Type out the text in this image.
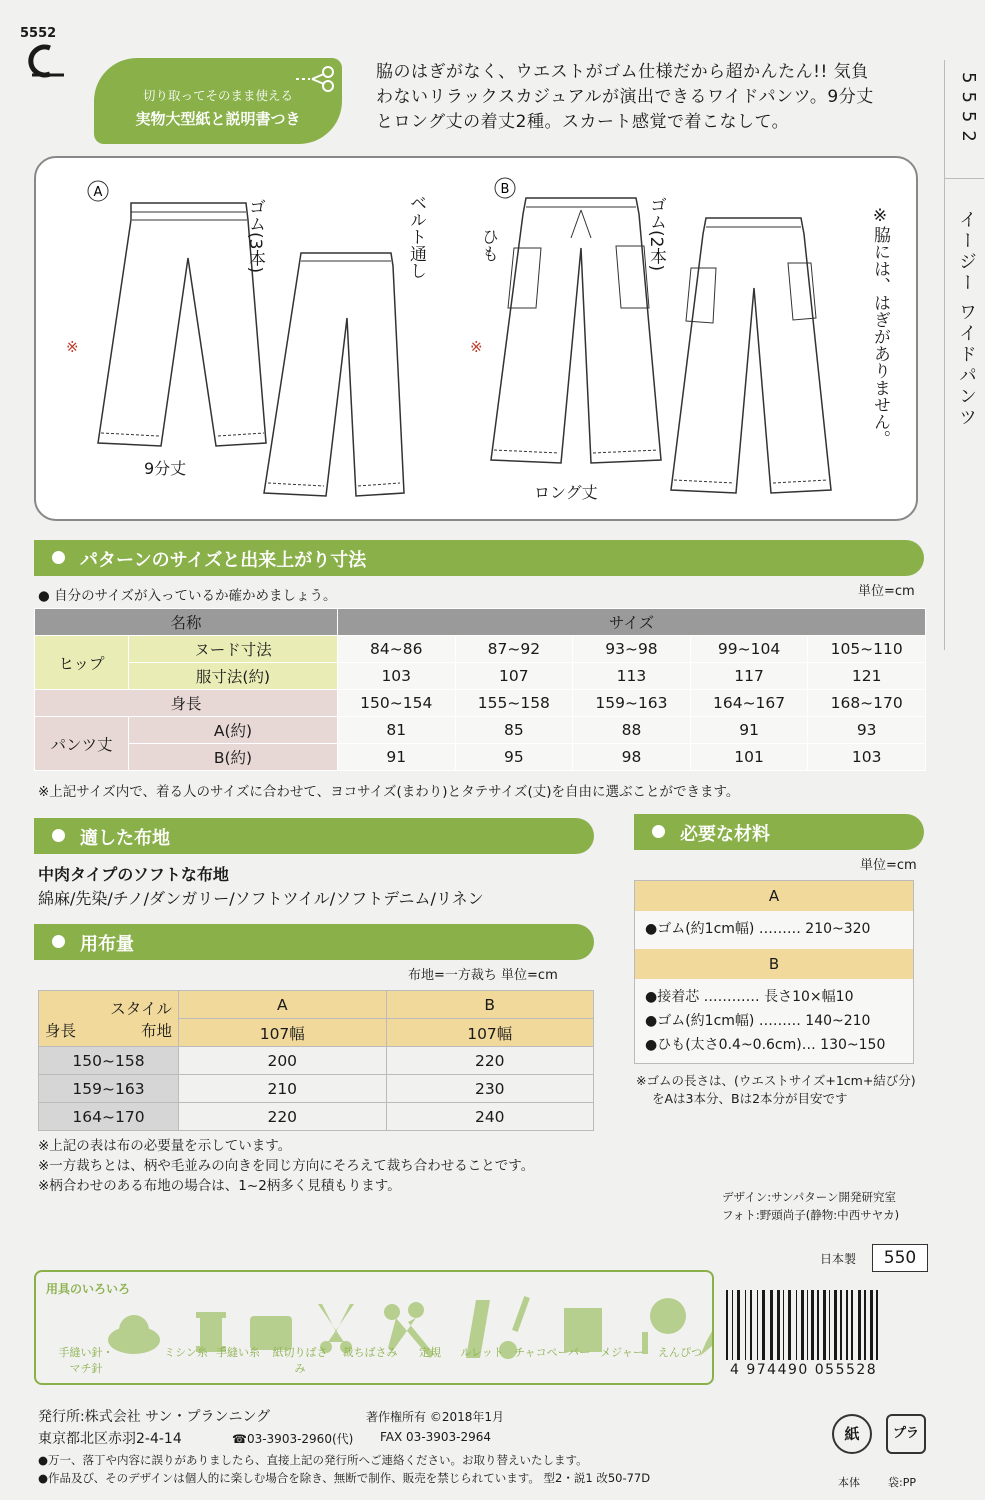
5552
切り取ってそのまま使える
実物大型紙と説明書つき
脇のはぎがなく、ウエストがゴム仕様だから超かんたん!! 気負
わないリラックスカジュアルが演出できるワイドパンツ。9分丈
とロング丈の着丈2種。スカート感覚で着こなして。	5552
イージー ワイドパンツ
A	B
ゴム(3本)	ベルト通し
※
9分丈
ひも	ゴム(2本)
※
ロング丈
※脇には、はぎがありません。
パターンのサイズと出来上がり寸法
● 自分のサイズが入っているか確かめましょう。	単位=cm
名称		サイズ				
ヒップ	ヌード寸法	84~86	87~92	93~98	99~104	105~110
	服寸法(約)	103	107	113	117	121
身長		150~154	155~158	159~163	164~167	168~170
パンツ丈	A(約)	81	85	88	91	93
	B(約)	91	95	98	101	103
※上記サイズ内で、着る人のサイズに合わせて、ヨコサイズ(まわり)とタテサイズ(丈)を自由に選ぶことができます。
適した布地
中肉タイプのソフトな布地
綿麻/先染/チノ/ダンガリー/ソフトツイル/ソフトデニム/リネン
用布量
布地=一方裁ち 単位=cm
スタイル
身長 布地	A	B
	107幅	107幅
150~158	200	220
159~163	210	230
164~170	220	240
※上記の表は布の必要量を示しています。
※一方裁ちとは、柄や毛並みの向きを同じ方向にそろえて裁ち合わせることです。
※柄合わせのある布地の場合は、1~2柄多く見積もります。
必要な材料
単位=cm
A
●ゴム(約1cm幅) ……… 210~320
B
●接着芯 ………… 長さ10×幅10
●ゴム(約1cm幅) ……… 140~210
●ひも(太さ0.4~0.6cm)… 130~150
※ゴムの長さは、(ウエストサイズ+1cm+結び分)
をAは3本分、Bは2本分が目安です
デザイン:サンパターン開発研究室
フォト:野頭尚子(静物:中西サヤカ)
日本製	550
用具のいろいろ
手縫い針・マチ針
ミシン糸 手縫い糸	紙切りばさみ
裁ちばさみ	定規	ルレット チャコペーパー メジャー	えんぴつ
4 974490 055528
発行所:株式会社 サン・プランニング	著作権所有 ©2018年1月
東京都北区赤羽2-4-14	☎03-3903-2960(代) FAX 03-3903-2964
●万一、落丁や内容に誤りがありましたら、直接上記の発行所へご連絡ください。お取り替えいたします。
●作品及び、そのデザインは個人的に楽しむ場合を除き、無断で制作、販売を禁じられています。 型2・説1 改50-77D
紙
本体
プラ
袋:PP
